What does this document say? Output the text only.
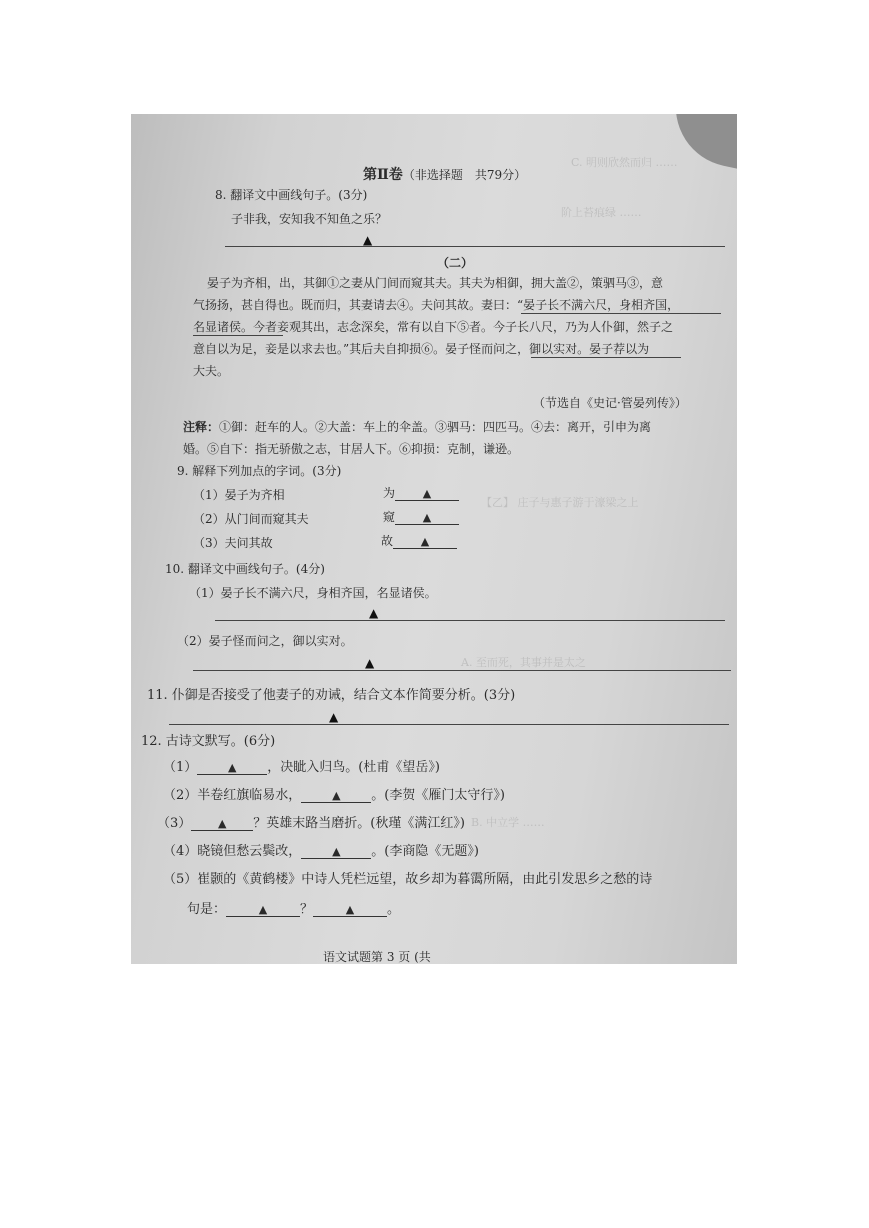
C. 明则欣然而归 ……
阶上苔痕绿 ……
【乙】 庄子与惠子游于濠梁之上
A. 至而死，其事并是太之
B. 中立学 ……
第Ⅱ卷（非选择题　共79分）
8. 翻译文中画线句子。(3分)
子非我，安知我不知鱼之乐？
▲
（二）
晏子为齐相，出，其御①之妻从门间而窥其夫。其夫为相御，拥大盖②，策驷马③，意
气扬扬，甚自得也。既而归，其妻请去④。夫问其故。妻曰：“晏子长不满六尺，身相齐国，
名显诸侯。今者妾观其出，志念深矣，常有以自下⑤者。今子长八尺，乃为人仆御，然子之
意自以为足，妾是以求去也。”其后夫自抑损⑥。晏子怪而问之，御以实对。晏子荐以为
大夫。
（节选自《史记·管晏列传》）
注释：①御：赶车的人。②大盖：车上的伞盖。③驷马：四匹马。④去：离开，引申为离
婚。⑤自下：指无骄傲之志，甘居人下。⑥抑损：克制，谦逊。
9. 解释下列加点的字词。(3分)
（1）晏子为齐相	为	▲
（2）从门间而窥其夫	窥	▲
（3）夫问其故	故	▲
10. 翻译文中画线句子。(4分)
（1）晏子长不满六尺，身相齐国，名显诸侯。
▲
（2）晏子怪而问之，御以实对。
▲
11. 仆御是否接受了他妻子的劝诫，结合文本作简要分析。(3分)
▲
12. 古诗文默写。(6分)
（1）	▲ ，决眦入归鸟。(杜甫《望岳》)
（2）半卷红旗临易水，	▲ 。(李贺《雁门太守行》)
（3） ▲ ？英雄末路当磨折。(秋瑾《满江红》)
（4）晓镜但愁云鬓改，	▲ 。(李商隐《无题》)
（5）崔颢的《黄鹤楼》中诗人凭栏远望，故乡却为暮霭所隔，由此引发思乡之愁的诗
句是：	▲	？	▲	。
语文试题第 3 页 (共
